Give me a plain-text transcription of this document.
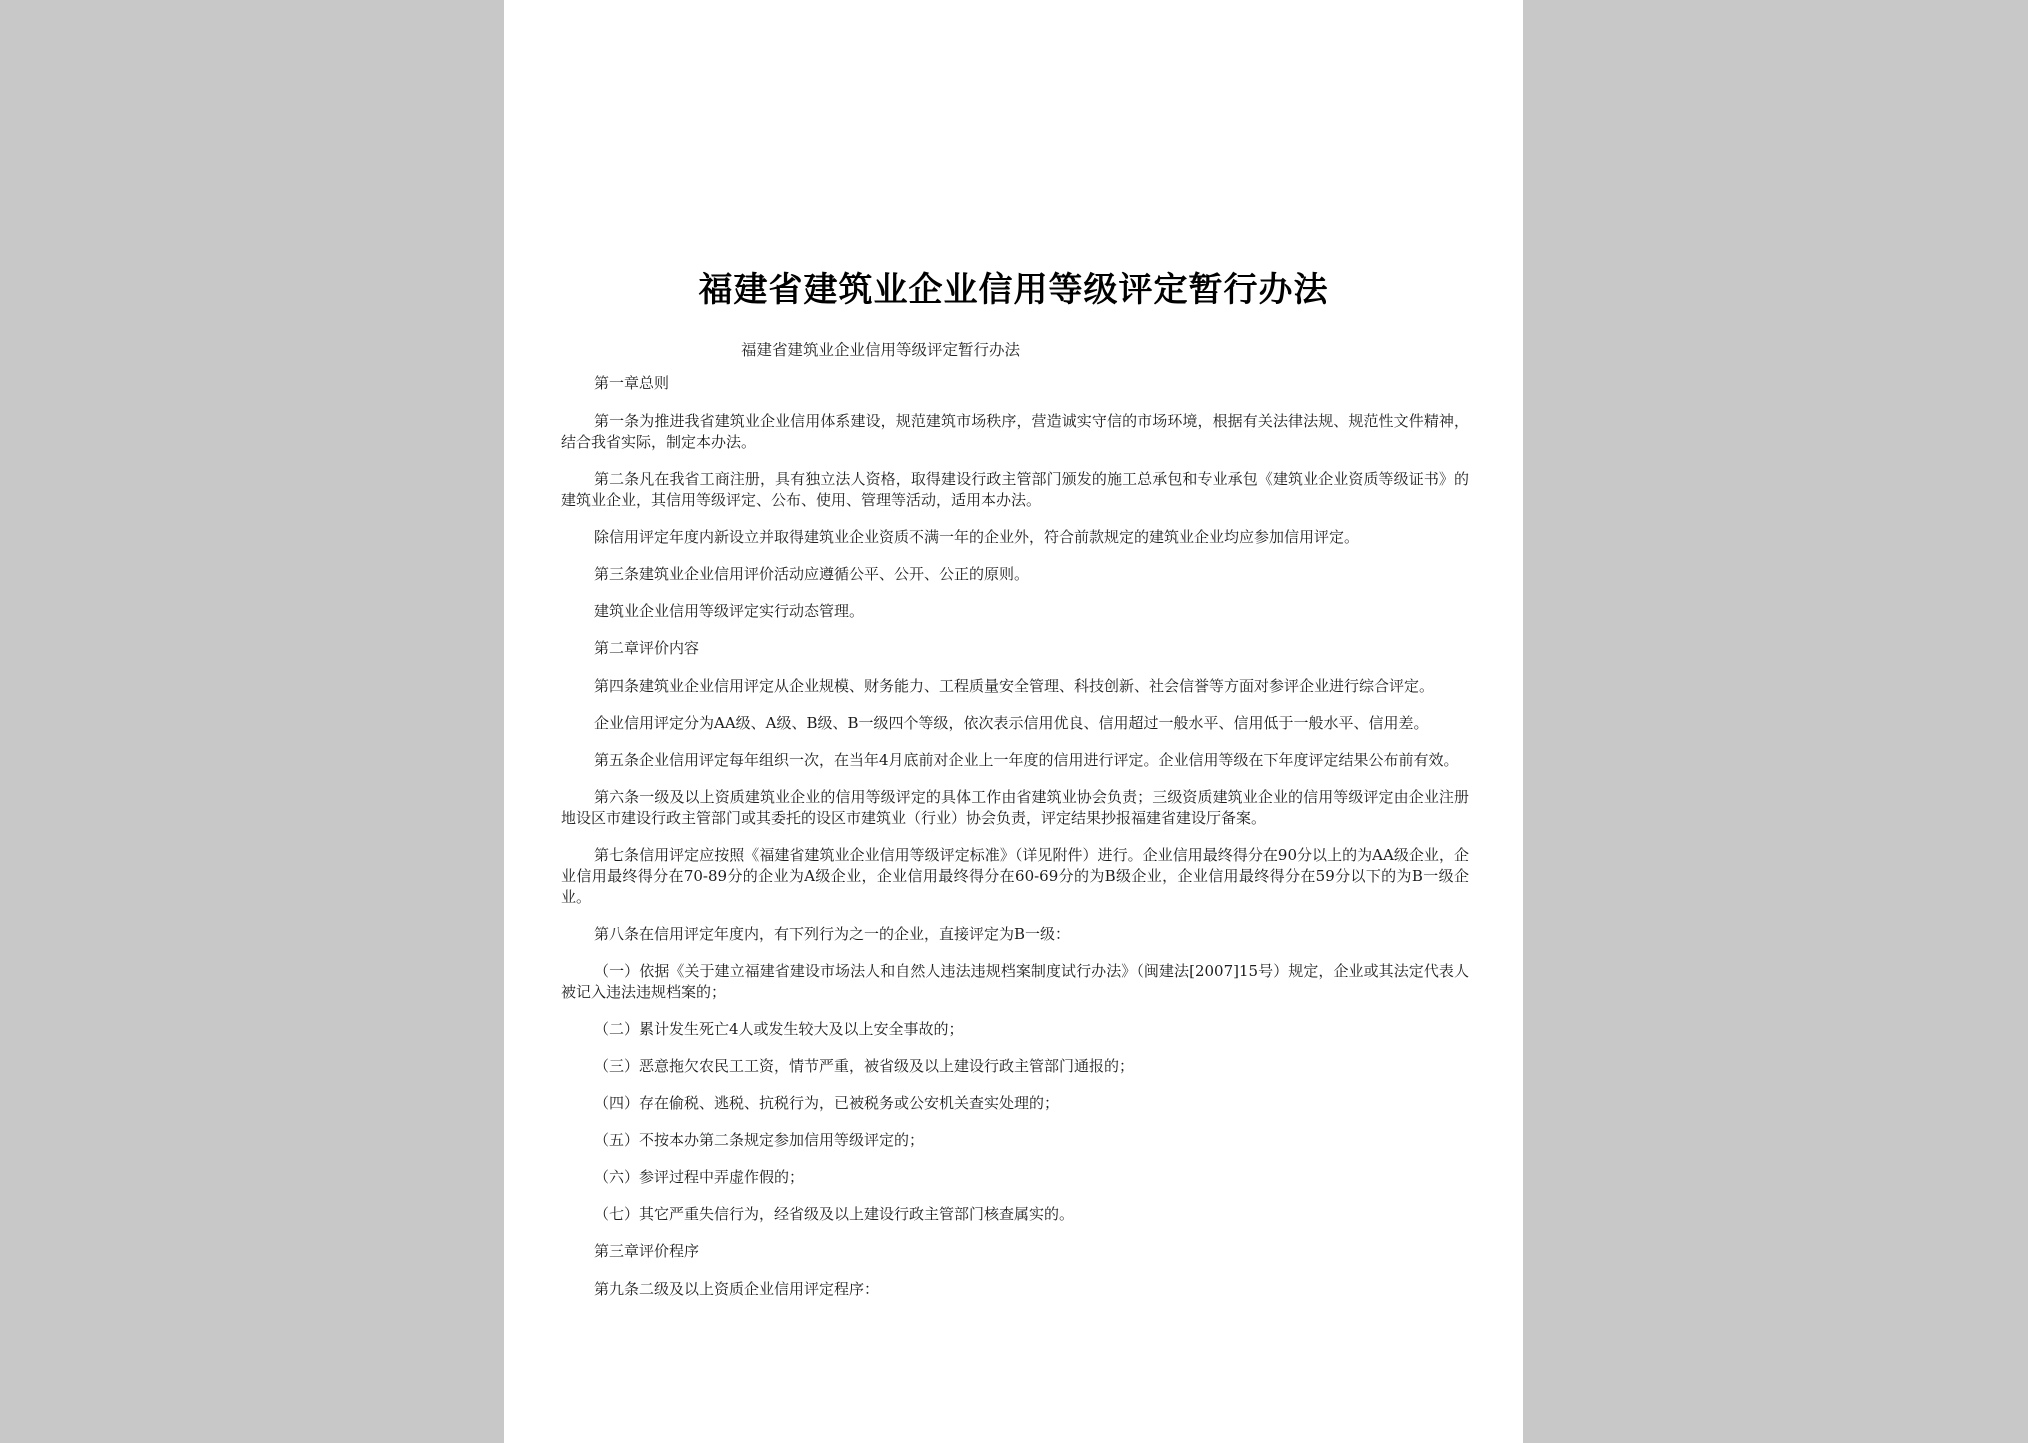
福建省建筑业企业信用等级评定暂行办法
福建省建筑业企业信用等级评定暂行办法

第一章总则

第一条为推进我省建筑业企业信用体系建设，规范建筑市场秩序，营造诚实守信的市场环境，根据有关法律法规、规范性文件精神，结合我省实际，制定本办法。

第二条凡在我省工商注册，具有独立法人资格，取得建设行政主管部门颁发的施工总承包和专业承包《建筑业企业资质等级证书》的建筑业企业，其信用等级评定、公布、使用、管理等活动，适用本办法。

除信用评定年度内新设立并取得建筑业企业资质不满一年的企业外，符合前款规定的建筑业企业均应参加信用评定。

第三条建筑业企业信用评价活动应遵循公平、公开、公正的原则。

建筑业企业信用等级评定实行动态管理。

第二章评价内容

第四条建筑业企业信用评定从企业规模、财务能力、工程质量安全管理、科技创新、社会信誉等方面对参评企业进行综合评定。

企业信用评定分为AA级、A级、B级、B一级四个等级，依次表示信用优良、信用超过一般水平、信用低于一般水平、信用差。

第五条企业信用评定每年组织一次，在当年4月底前对企业上一年度的信用进行评定。企业信用等级在下年度评定结果公布前有效。

第六条一级及以上资质建筑业企业的信用等级评定的具体工作由省建筑业协会负责；三级资质建筑业企业的信用等级评定由企业注册地设区市建设行政主管部门或其委托的设区市建筑业（行业）协会负责，评定结果抄报福建省建设厅备案。

第七条信用评定应按照《福建省建筑业企业信用等级评定标准》（详见附件）进行。企业信用最终得分在90分以上的为AA级企业，企业信用最终得分在70-89分的企业为A级企业，企业信用最终得分在60-69分的为B级企业，企业信用最终得分在59分以下的为B一级企业。

第八条在信用评定年度内，有下列行为之一的企业，直接评定为B一级：

（一）依据《关于建立福建省建设市场法人和自然人违法违规档案制度试行办法》（闽建法[2007]15号）规定，企业或其法定代表人被记入违法违规档案的；

（二）累计发生死亡4人或发生较大及以上安全事故的；

（三）恶意拖欠农民工工资，情节严重，被省级及以上建设行政主管部门通报的；

（四）存在偷税、逃税、抗税行为，已被税务或公安机关查实处理的；

（五）不按本办第二条规定参加信用等级评定的；

（六）参评过程中弄虚作假的；

（七）其它严重失信行为，经省级及以上建设行政主管部门核查属实的。

第三章评价程序

第九条二级及以上资质企业信用评定程序：
